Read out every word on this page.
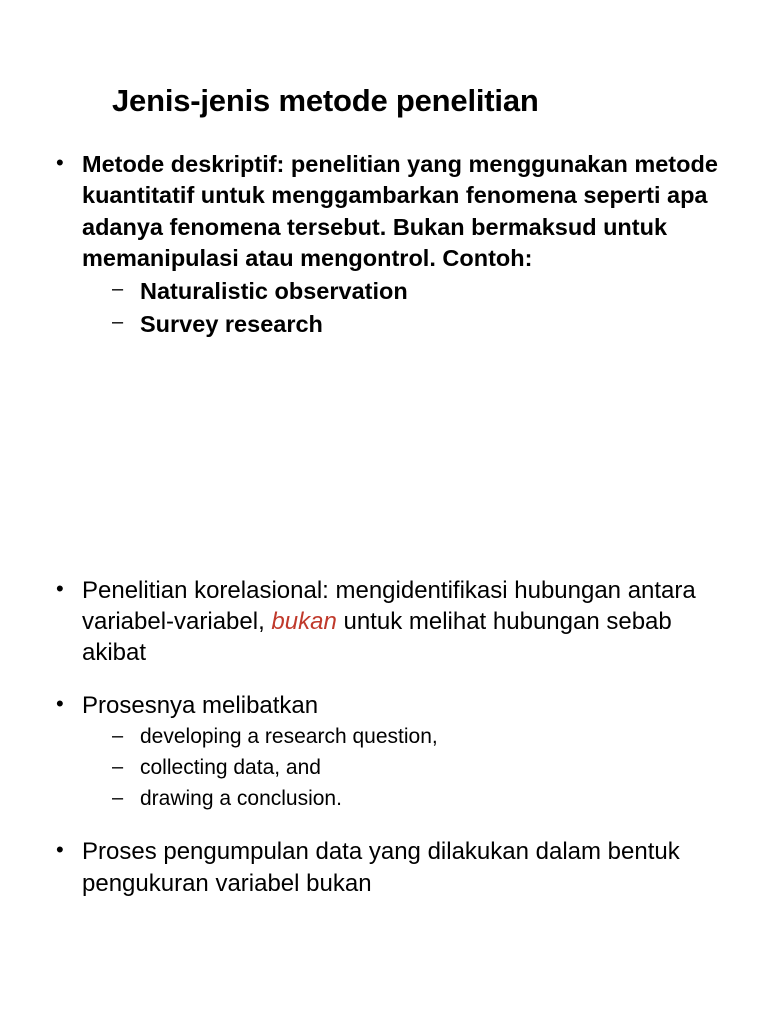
Jenis-jenis metode penelitian
• Metode deskriptif: penelitian yang menggunakan metode kuantitatif untuk menggambarkan fenomena seperti apa adanya fenomena tersebut. Bukan bermaksud untuk memanipulasi atau mengontrol. Contoh:
– Naturalistic observation
– Survey research
• Penelitian korelasional: mengidentifikasi hubungan antara variabel-variabel, bukan untuk melihat hubungan sebab akibat
• Prosesnya melibatkan
– developing a research question,
– collecting data, and
– drawing a conclusion.
• Proses pengumpulan data yang dilakukan dalam bentuk pengukuran variabel bukan
